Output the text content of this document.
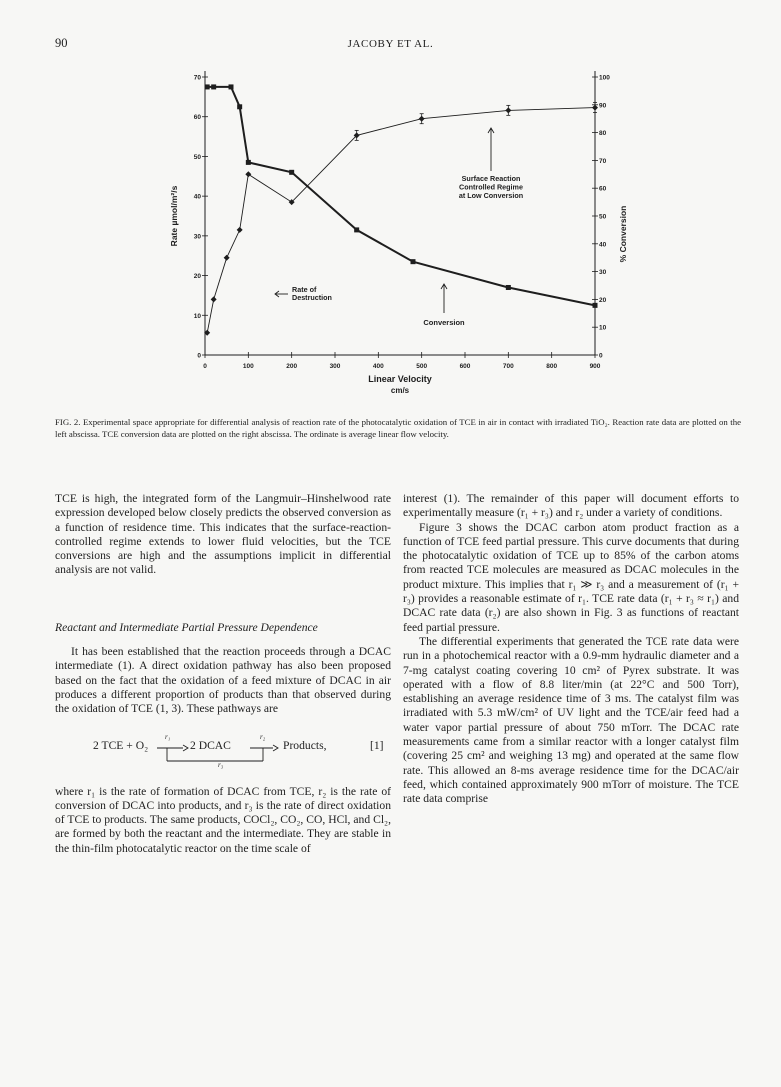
90	JACOBY ET AL.
0	100	200	300	400	500	600	700	800	900
0
10
20
30
40
50
60
70
0
10
20
30
40
50
60
70
80
90
100
Linear Velocity
cm/s
Rate µmol/m²/s	% Conversion
Rate of
Destruction
Conversion
Surface Reaction
Controlled Regime
at Low Conversion
FIG. 2. Experimental space appropriate for differential analysis of reaction rate of the photocatalytic oxidation of TCE in air in contact with irradiated TiO₂. Reaction rate data are plotted on the left abscissa. TCE conversion data are plotted on the right abscissa. The ordinate is average linear flow velocity.

TCE is high, the integrated form of the Langmuir–Hinshelwood rate expression developed below closely predicts the observed conversion as a function of residence time. This indicates that the surface-reaction-controlled regime extends to lower fluid velocities, but the TCE conversions are high and the assumptions implicit in differential analysis are not valid.

Reactant and Intermediate Partial Pressure Dependence

It has been established that the reaction proceeds through a DCAC intermediate (1). A direct oxidation pathway has also been proposed based on the fact that the oxidation of a feed mixture of DCAC in air produces a different proportion of products than that observed during the oxidation of TCE (1, 3). These pathways are

2 TCE + O₂
r₁
2 DCAC
r₂
r₃
Products,	[1]

where r₁ is the rate of formation of DCAC from TCE, r₂ is the rate of conversion of DCAC into products, and r₃ is the rate of direct oxidation of TCE to products. The same products, COCl₂, CO₂, CO, HCl, and Cl₂, are formed by both the reactant and the intermediate. They are stable in the thin-film photocatalytic reactor on the time scale of

interest (1). The remainder of this paper will document efforts to experimentally measure (r₁ + r₃) and r₂ under a variety of conditions.

Figure 3 shows the DCAC carbon atom product fraction as a function of TCE feed partial pressure. This curve documents that during the photocatalytic oxidation of TCE up to 85% of the carbon atoms from reacted TCE molecules are measured as DCAC molecules in the product mixture. This implies that r₁ ≫ r₃ and a measurement of (r₁ + r₃) provides a reasonable estimate of r₁. TCE rate data (r₁ + r₃ ≈ r₁) and DCAC rate data (r₂) are also shown in Fig. 3 as functions of reactant feed partial pressure.

The differential experiments that generated the TCE rate data were run in a photochemical reactor with a 0.9-mm hydraulic diameter and a 7-mg catalyst coating covering 10 cm² of Pyrex substrate. It was operated with a flow of 8.8 liter/min (at 22°C and 500 Torr), establishing an average residence time of 3 ms. The catalyst film was irradiated with 5.3 mW/cm² of UV light and the TCE/air feed had a water vapor partial pressure of about 750 mTorr. The DCAC rate measurements came from a similar reactor with a longer catalyst film (covering 25 cm² and weighing 13 mg) and operated at the same flow rate. This allowed an 8-ms average residence time for the DCAC/air feed, which contained approximately 900 mTorr of moisture. The TCE rate data comprise
